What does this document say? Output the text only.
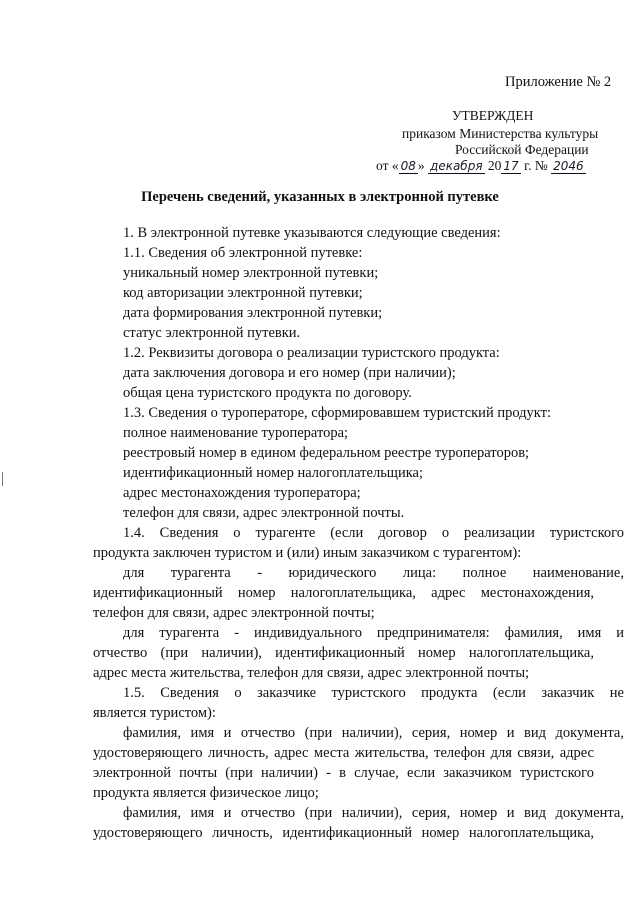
Приложение № 2
УТВЕРЖДЕН
приказом Министерства культуры
Российской Федерации
от « 08 » декабря 20 17 г. № 2046
Перечень сведений, указанных в электронной путевке
1. В электронной путевке указываются следующие сведения:
1.1. Сведения об электронной путевке:
уникальный номер электронной путевки;
код авторизации электронной путевки;
дата формирования электронной путевки;
статус электронной путевки.
1.2. Реквизиты договора о реализации туристского продукта:
дата заключения договора и его номер (при наличии);
общая цена туристского продукта по договору.
1.3. Сведения о туроператоре, сформировавшем туристский продукт:
полное наименование туроператора;
реестровый номер в едином федеральном реестре туроператоров;
идентификационный номер налогоплательщика;
адрес местонахождения туроператора;
телефон для связи, адрес электронной почты.
1.4. Сведения о турагенте (если договор о реализации туристского
продукта заключен туристом и (или) иным заказчиком с турагентом):
для турагента - юридического лица: полное наименование,
идентификационный номер налогоплательщика, адрес местонахождения,
телефон для связи, адрес электронной почты;
для турагента - индивидуального предпринимателя: фамилия, имя и
отчество (при наличии), идентификационный номер налогоплательщика,
адрес места жительства, телефон для связи, адрес электронной почты;
1.5. Сведения о заказчике туристского продукта (если заказчик не
является туристом):
фамилия, имя и отчество (при наличии), серия, номер и вид документа,
удостоверяющего личность, адрес места жительства, телефон для связи, адрес
электронной почты (при наличии) - в случае, если заказчиком туристского
продукта является физическое лицо;
фамилия, имя и отчество (при наличии), серия, номер и вид документа,
удостоверяющего личность, идентификационный номер налогоплательщика,
